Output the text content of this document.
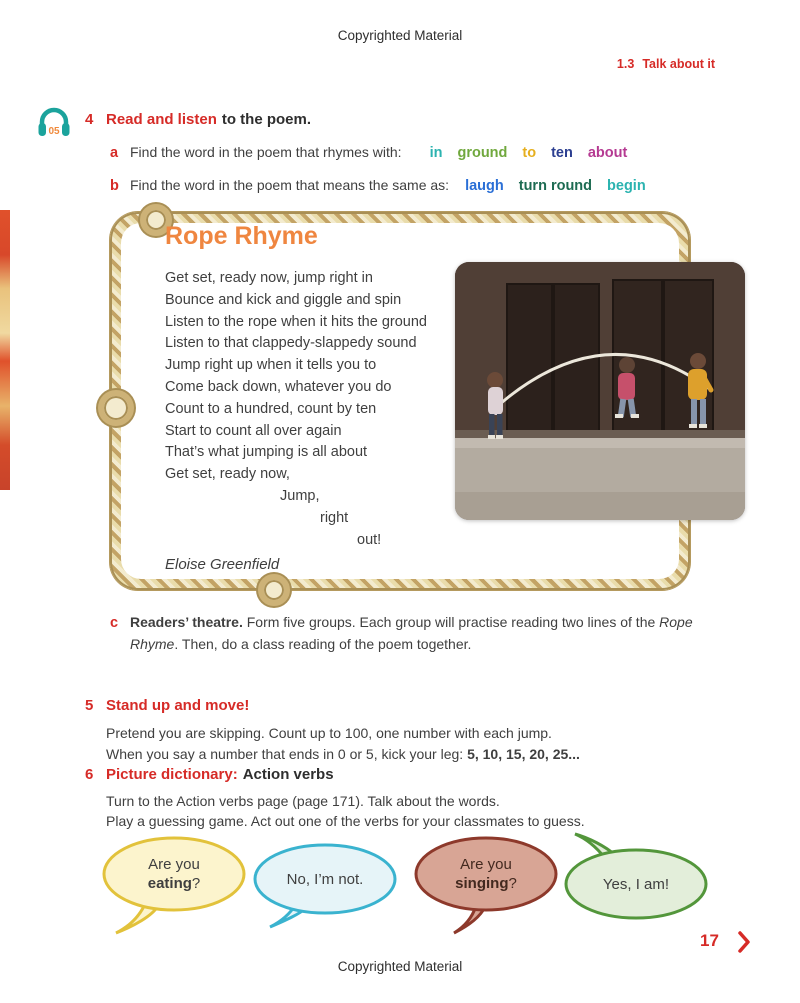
Copyrighted Material
1.3 Talk about it
05
4 Read and listen to the poem.
a Find the word in the poem that rhymes with: in ground to ten about
b Find the word in the poem that means the same as: laugh turn round begin
Rope Rhyme
Get set, ready now, jump right in
Bounce and kick and giggle and spin
Listen to the rope when it hits the ground
Listen to that clappedy-slappedy sound
Jump right up when it tells you to
Come back down, whatever you do
Count to a hundred, count by ten
Start to count all over again
That’s what jumping is all about
Get set, ready now,
Jump,
right
out!
Eloise Greenfield
c Readers’ theatre. Form five groups. Each group will practise reading two lines of the Rope Rhyme. Then, do a class reading of the poem together.
5 Stand up and move!
Pretend you are skipping. Count up to 100, one number with each jump.
When you say a number that ends in 0 or 5, kick your leg: 5, 10, 15, 20, 25...
6 Picture dictionary: Action verbs
Turn to the Action verbs page (page 171). Talk about the words.
Play a guessing game. Act out one of the verbs for your classmates to guess.
Are you
eating?	No, I’m not.
Are you
singing?	Yes, I am!
17
Copyrighted Material
